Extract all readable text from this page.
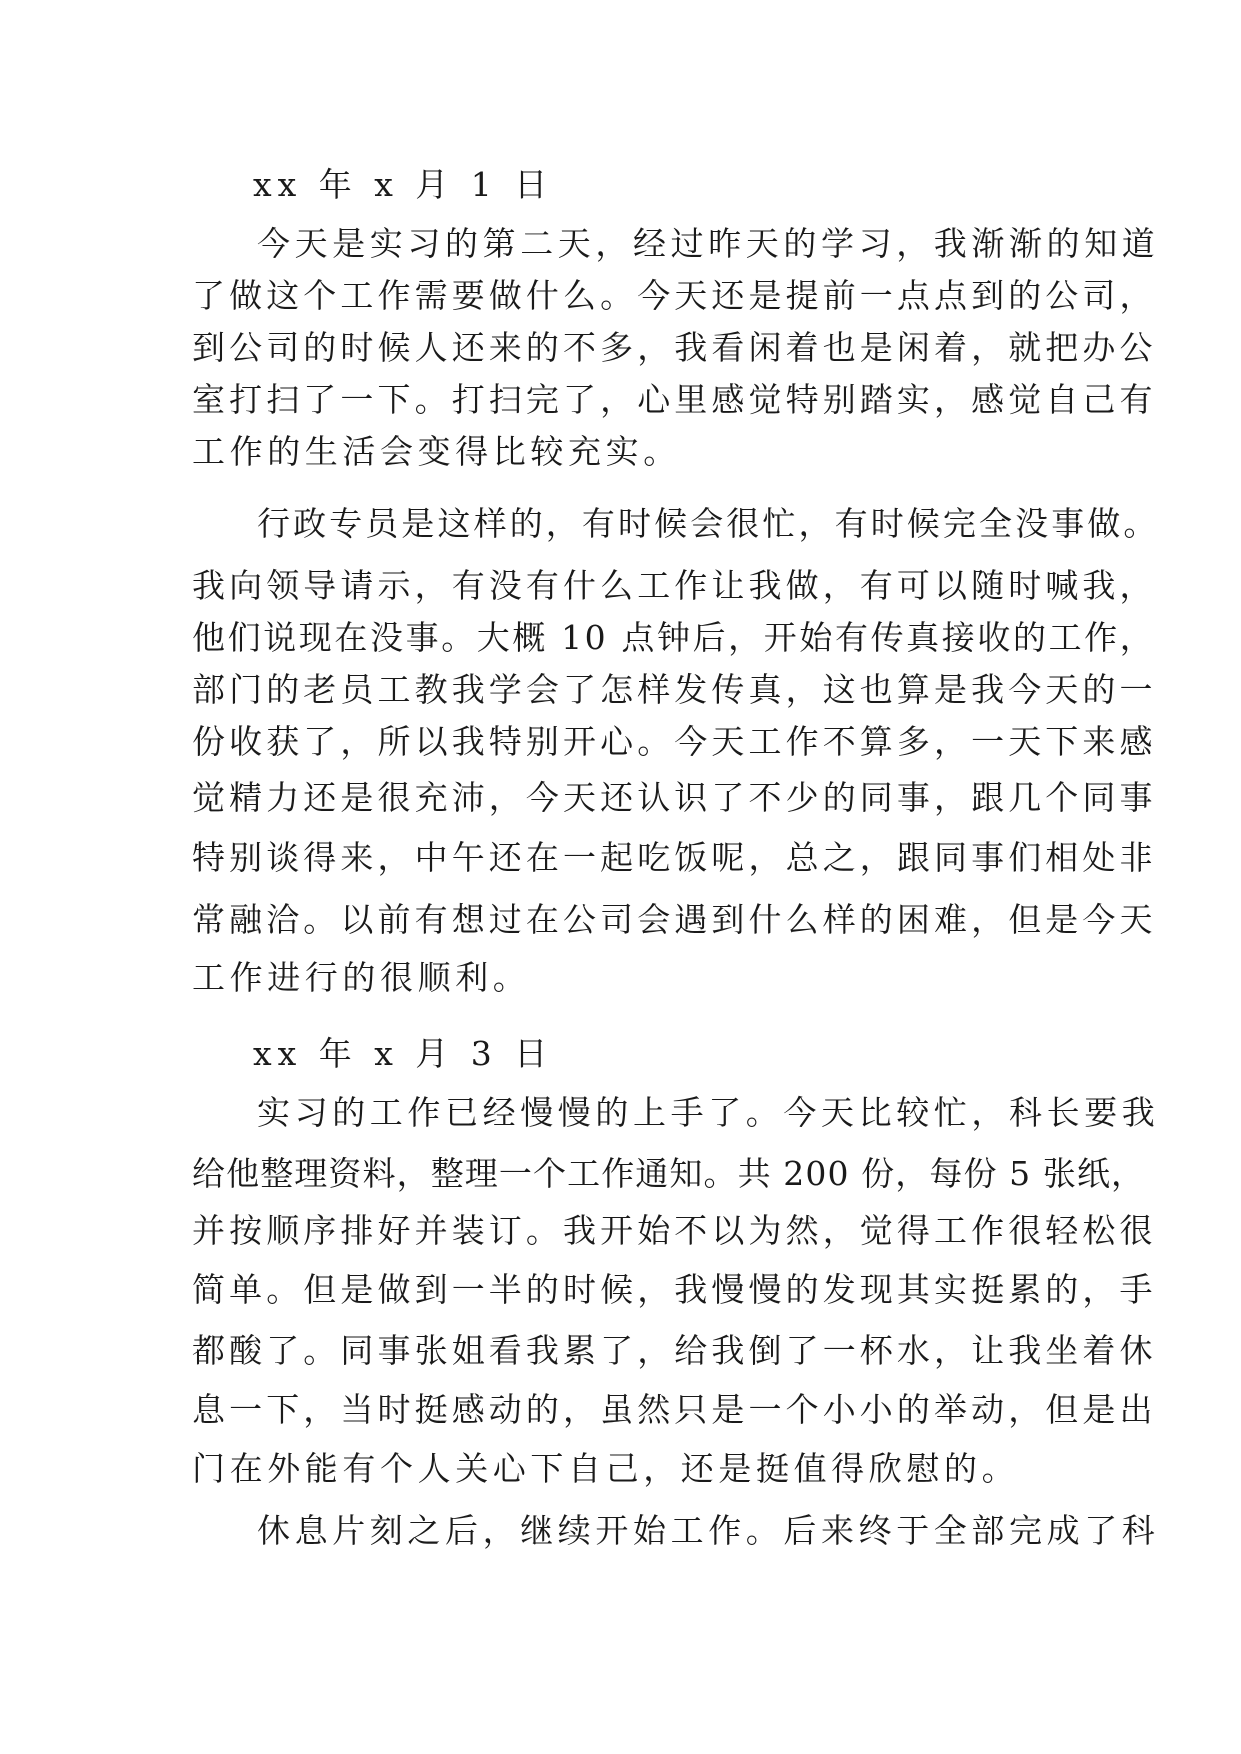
xx 年 x 月 1 日
今天是实习的第二天，经过昨天的学习，我渐渐的知道
了做这个工作需要做什么。今天还是提前一点点到的公司，
到公司的时候人还来的不多，我看闲着也是闲着，就把办公
室打扫了一下。打扫完了，心里感觉特别踏实，感觉自己有
工作的生活会变得比较充实。
行政专员是这样的，有时候会很忙，有时候完全没事做。
我向领导请示，有没有什么工作让我做，有可以随时喊我，
他们说现在没事。大概 10 点钟后，开始有传真接收的工作，
部门的老员工教我学会了怎样发传真，这也算是我今天的一
份收获了，所以我特别开心。今天工作不算多，一天下来感
觉精力还是很充沛，今天还认识了不少的同事，跟几个同事
特别谈得来，中午还在一起吃饭呢，总之，跟同事们相处非
常融洽。以前有想过在公司会遇到什么样的困难，但是今天
工作进行的很顺利。
xx 年 x 月 3 日
实习的工作已经慢慢的上手了。今天比较忙，科长要我
给他整理资料，整理一个工作通知。共 200 份，每份 5 张纸，
并按顺序排好并装订。我开始不以为然，觉得工作很轻松很
简单。但是做到一半的时候，我慢慢的发现其实挺累的，手
都酸了。同事张姐看我累了，给我倒了一杯水，让我坐着休
息一下，当时挺感动的，虽然只是一个小小的举动，但是出
门在外能有个人关心下自己，还是挺值得欣慰的。
休息片刻之后，继续开始工作。后来终于全部完成了科
